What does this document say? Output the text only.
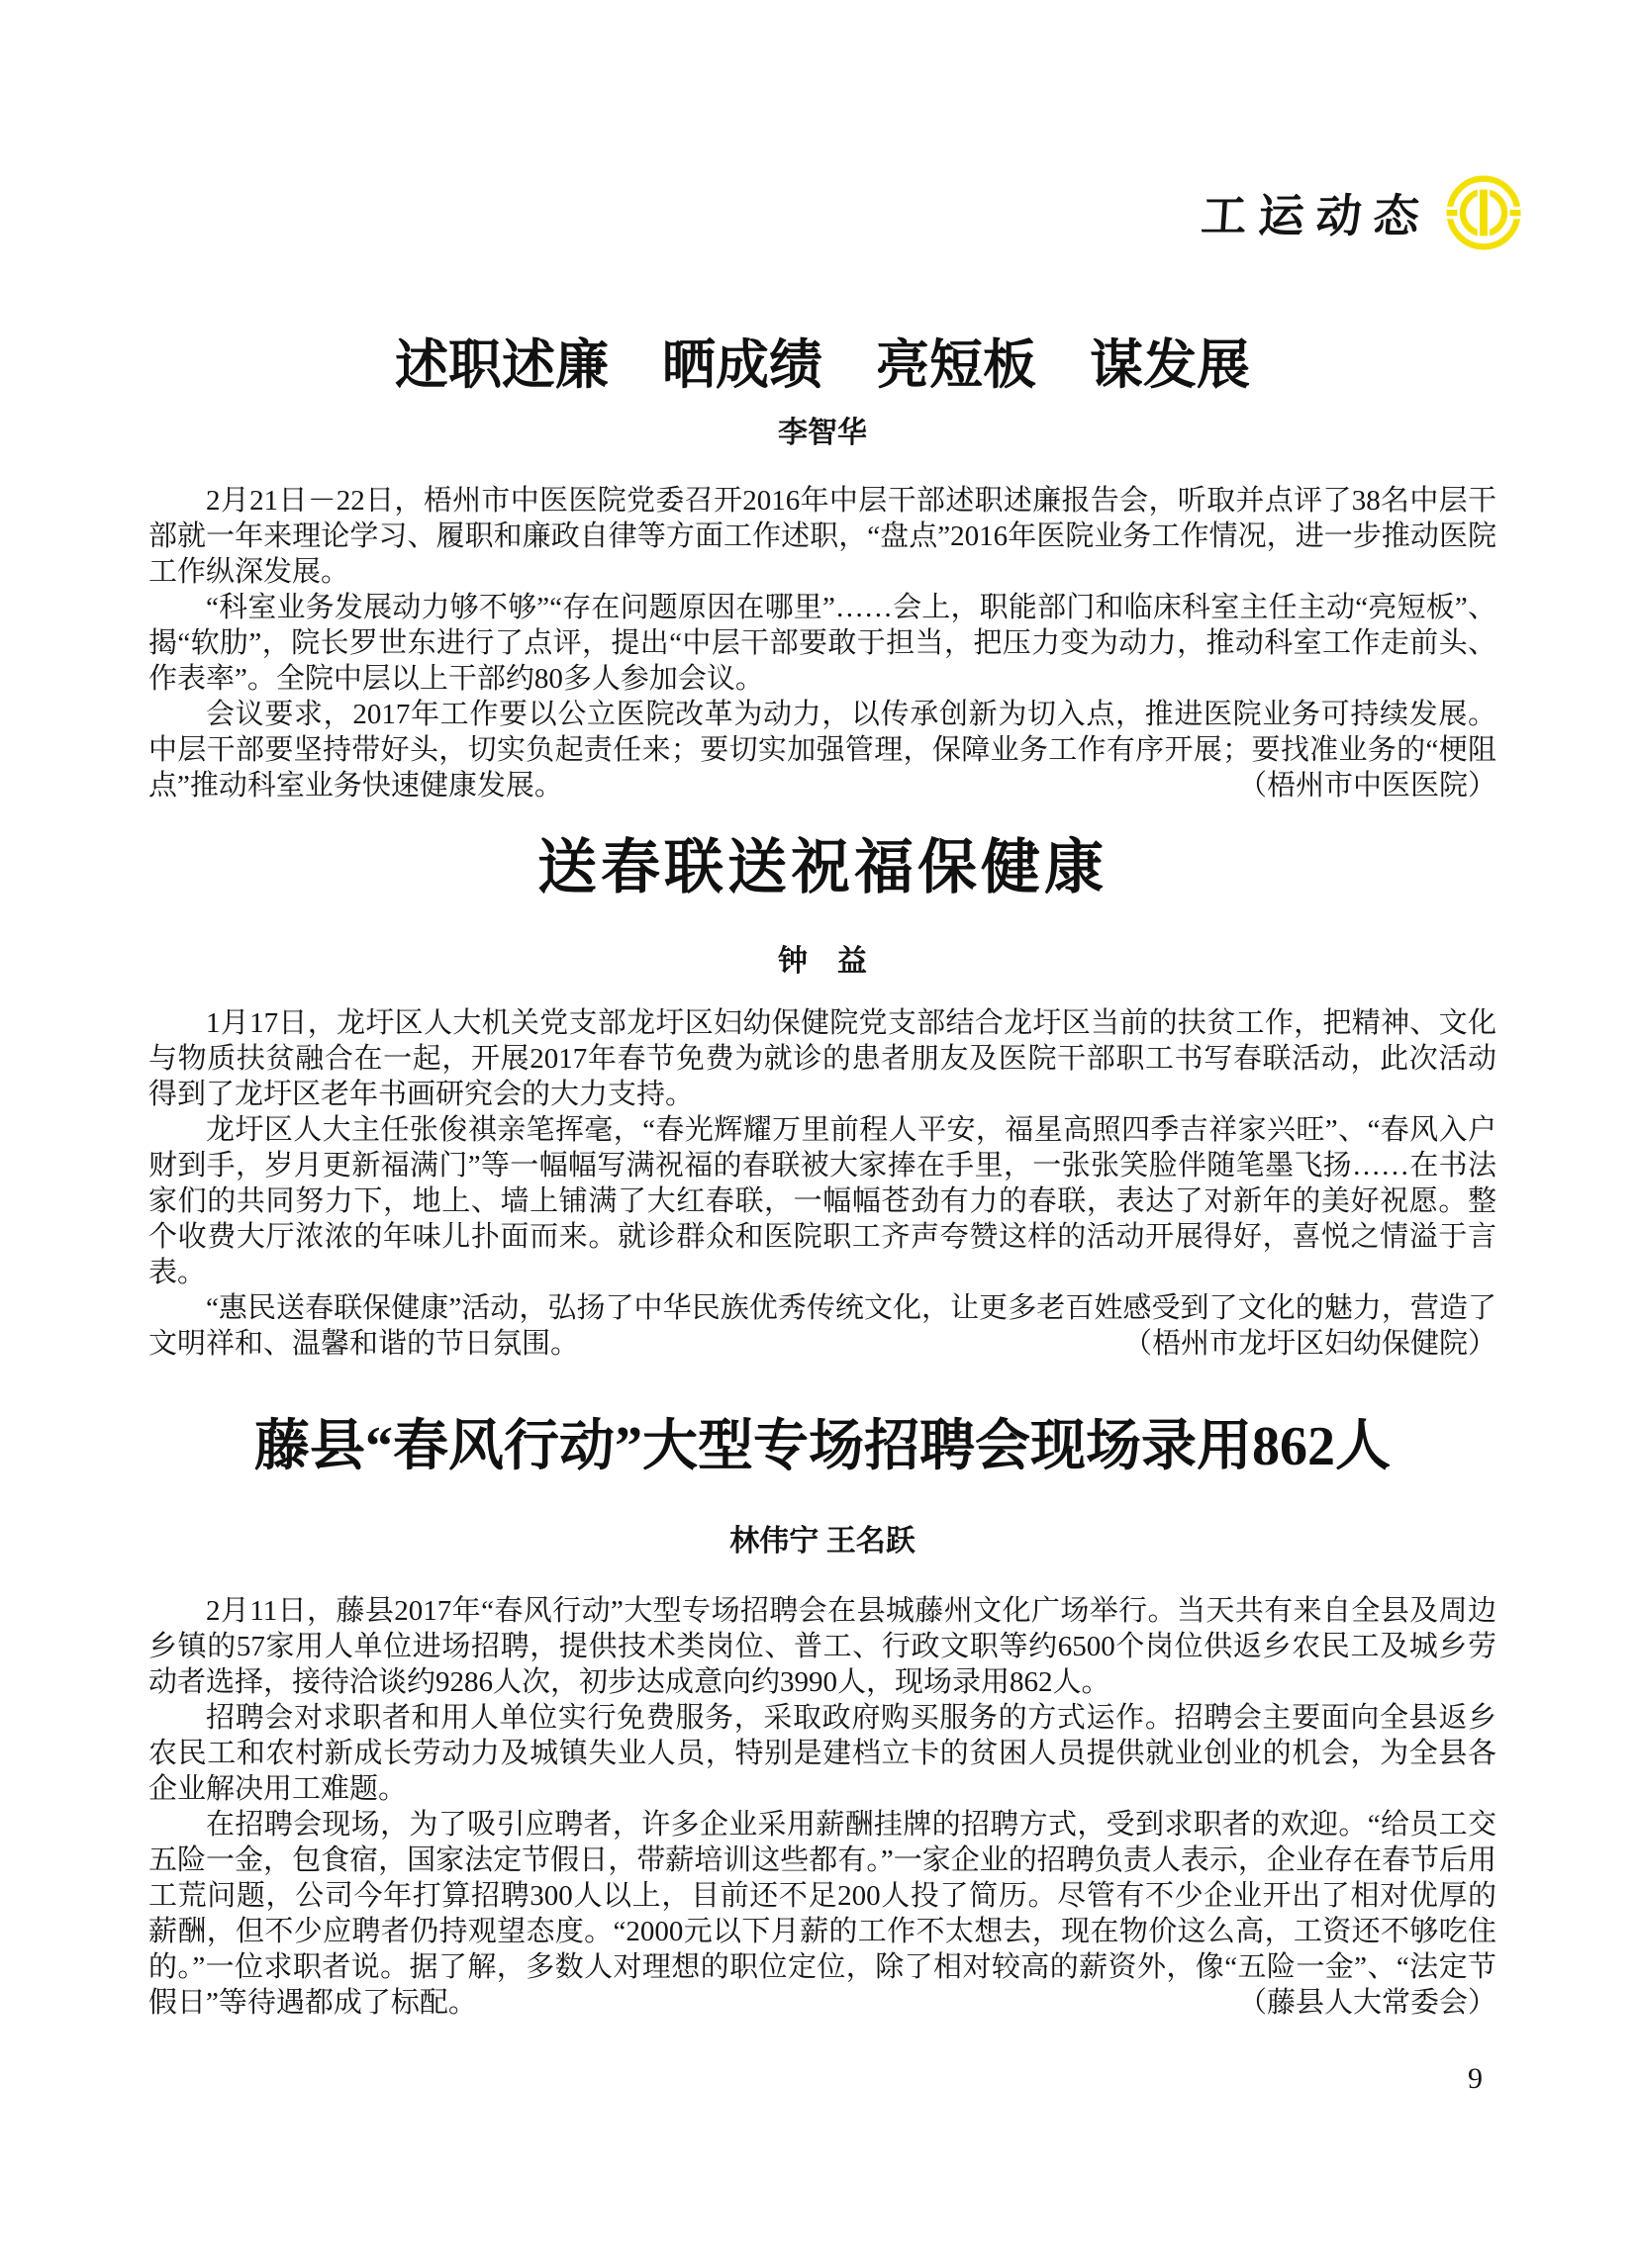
工运动态
述职述廉　晒成绩　亮短板　谋发展
李智华

2月21日－22日，梧州市中医医院党委召开2016年中层干部述职述廉报告会，听取并点评了38名中层干部就一年来理论学习、履职和廉政自律等方面工作述职，“盘点”2016年医院业务工作情况，进一步推动医院工作纵深发展。

“科室业务发展动力够不够”“存在问题原因在哪里”……会上，职能部门和临床科室主任主动“亮短板”、揭“软肋”，院长罗世东进行了点评，提出“中层干部要敢于担当，把压力变为动力，推动科室工作走前头、作表率”。全院中层以上干部约80多人参加会议。

会议要求，2017年工作要以公立医院改革为动力，以传承创新为切入点，推进医院业务可持续发展。中层干部要坚持带好头，切实负起责任来；要切实加强管理，保障业务工作有序开展；要找准业务的“梗阻点”推动科室业务快速健康发展。	（梧州市中医医院）

送春联送祝福保健康
钟　益

1月17日，龙圩区人大机关党支部龙圩区妇幼保健院党支部结合龙圩区当前的扶贫工作，把精神、文化与物质扶贫融合在一起，开展2017年春节免费为就诊的患者朋友及医院干部职工书写春联活动，此次活动得到了龙圩区老年书画研究会的大力支持。

龙圩区人大主任张俊祺亲笔挥毫，“春光辉耀万里前程人平安，福星高照四季吉祥家兴旺”、“春风入户财到手，岁月更新福满门”等一幅幅写满祝福的春联被大家捧在手里，一张张笑脸伴随笔墨飞扬……在书法家们的共同努力下，地上、墙上铺满了大红春联，一幅幅苍劲有力的春联，表达了对新年的美好祝愿。整个收费大厅浓浓的年味儿扑面而来。就诊群众和医院职工齐声夸赞这样的活动开展得好，喜悦之情溢于言表。

“惠民送春联保健康”活动，弘扬了中华民族优秀传统文化，让更多老百姓感受到了文化的魅力，营造了文明祥和、温馨和谐的节日氛围。	（梧州市龙圩区妇幼保健院）

藤县“春风行动”大型专场招聘会现场录用862人
林伟宁 王名跃

2月11日，藤县2017年“春风行动”大型专场招聘会在县城藤州文化广场举行。当天共有来自全县及周边乡镇的57家用人单位进场招聘，提供技术类岗位、普工、行政文职等约6500个岗位供返乡农民工及城乡劳动者选择，接待洽谈约9286人次，初步达成意向约3990人，现场录用862人。

招聘会对求职者和用人单位实行免费服务，采取政府购买服务的方式运作。招聘会主要面向全县返乡农民工和农村新成长劳动力及城镇失业人员，特别是建档立卡的贫困人员提供就业创业的机会，为全县各企业解决用工难题。

在招聘会现场，为了吸引应聘者，许多企业采用薪酬挂牌的招聘方式，受到求职者的欢迎。“给员工交五险一金，包食宿，国家法定节假日，带薪培训这些都有。”一家企业的招聘负责人表示，企业存在春节后用工荒问题，公司今年打算招聘300人以上，目前还不足200人投了简历。尽管有不少企业开出了相对优厚的薪酬，但不少应聘者仍持观望态度。“2000元以下月薪的工作不太想去，现在物价这么高，工资还不够吃住的。”一位求职者说。据了解，多数人对理想的职位定位，除了相对较高的薪资外，像“五险一金”、“法定节假日”等待遇都成了标配。	（藤县人大常委会）

9
